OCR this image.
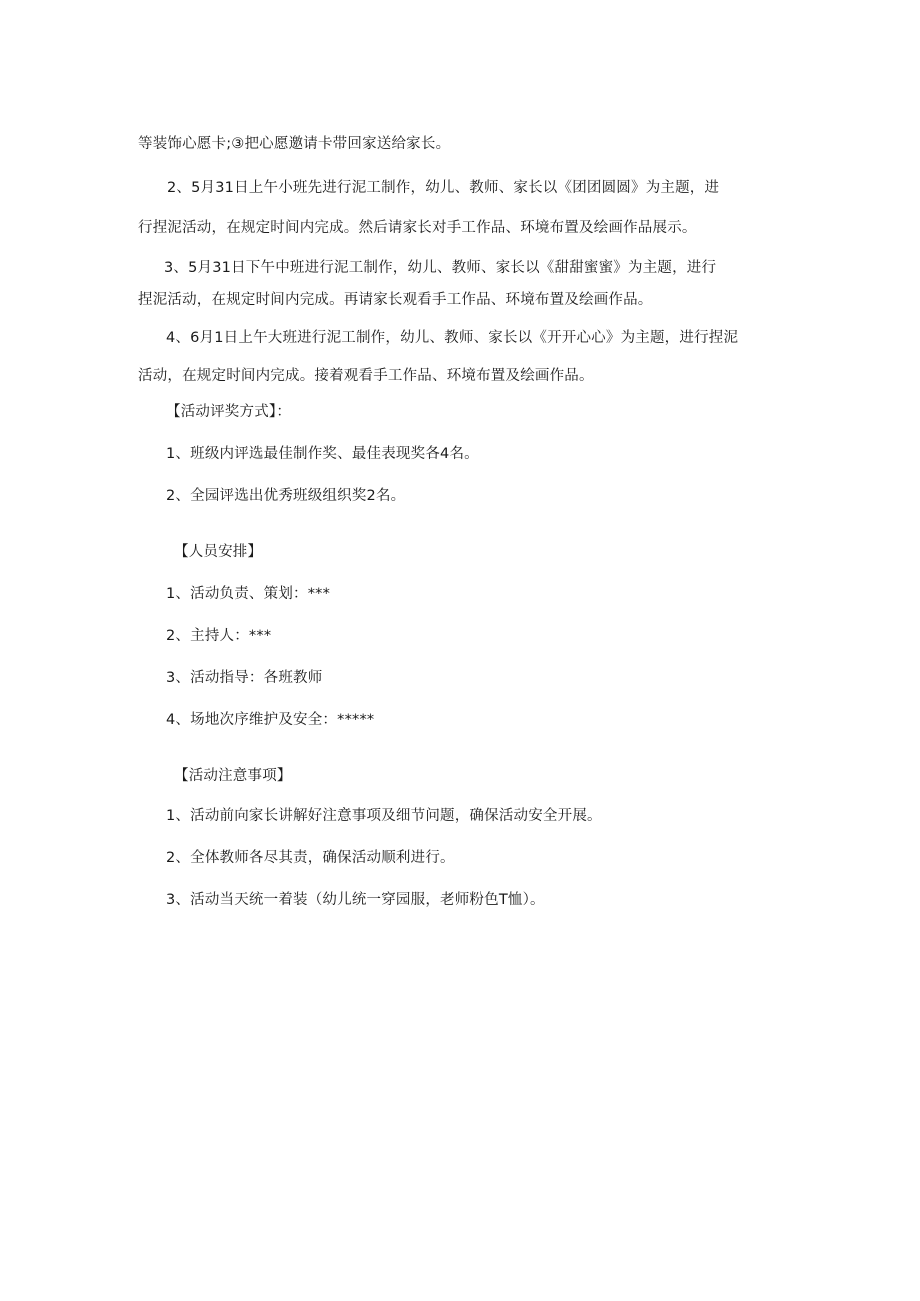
等装饰心愿卡;③把心愿邀请卡带回家送给家长。
2、5月31日上午小班先进行泥工制作，幼儿、教师、家长以《团团圆圆》为主题，进
行捏泥活动，在规定时间内完成。然后请家长对手工作品、环境布置及绘画作品展示。
3、5月31日下午中班进行泥工制作，幼儿、教师、家长以《甜甜蜜蜜》为主题，进行
捏泥活动，在规定时间内完成。再请家长观看手工作品、环境布置及绘画作品。
4、6月1日上午大班进行泥工制作，幼儿、教师、家长以《开开心心》为主题，进行捏泥
活动，在规定时间内完成。接着观看手工作品、环境布置及绘画作品。
【活动评奖方式】：
1、班级内评选最佳制作奖、最佳表现奖各4名。
2、全园评选出优秀班级组织奖2名。
【人员安排】
1、活动负责、策划：***
2、主持人：***
3、活动指导：各班教师
4、场地次序维护及安全：*****
【活动注意事项】
1、活动前向家长讲解好注意事项及细节问题，确保活动安全开展。
2、全体教师各尽其责，确保活动顺利进行。
3、活动当天统一着装（幼儿统一穿园服，老师粉色T恤）。
